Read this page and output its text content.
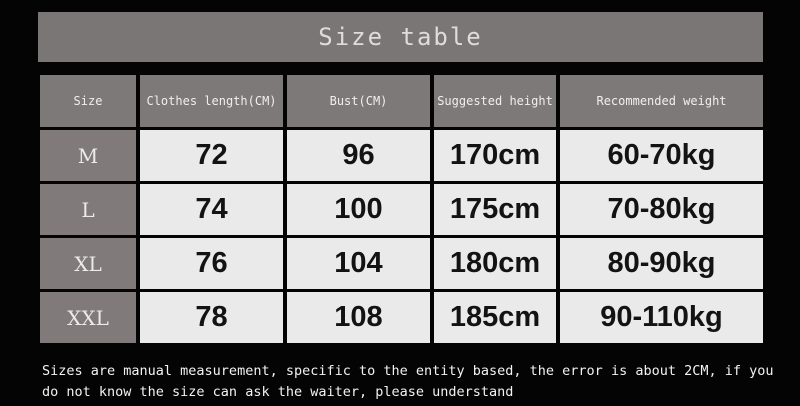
Size table
Size	Clothes length(CM)	Bust(CM)	Suggested height	Recommended weight
M	72	96	170cm	60-70kg
L	74	100	175cm	70-80kg
XL	76	104	180cm	80-90kg
XXL	78	108	185cm	90-110kg
Sizes are manual measurement, specific to the entity based, the error is about 2CM, if you
do not know the size can ask the waiter, please understand
